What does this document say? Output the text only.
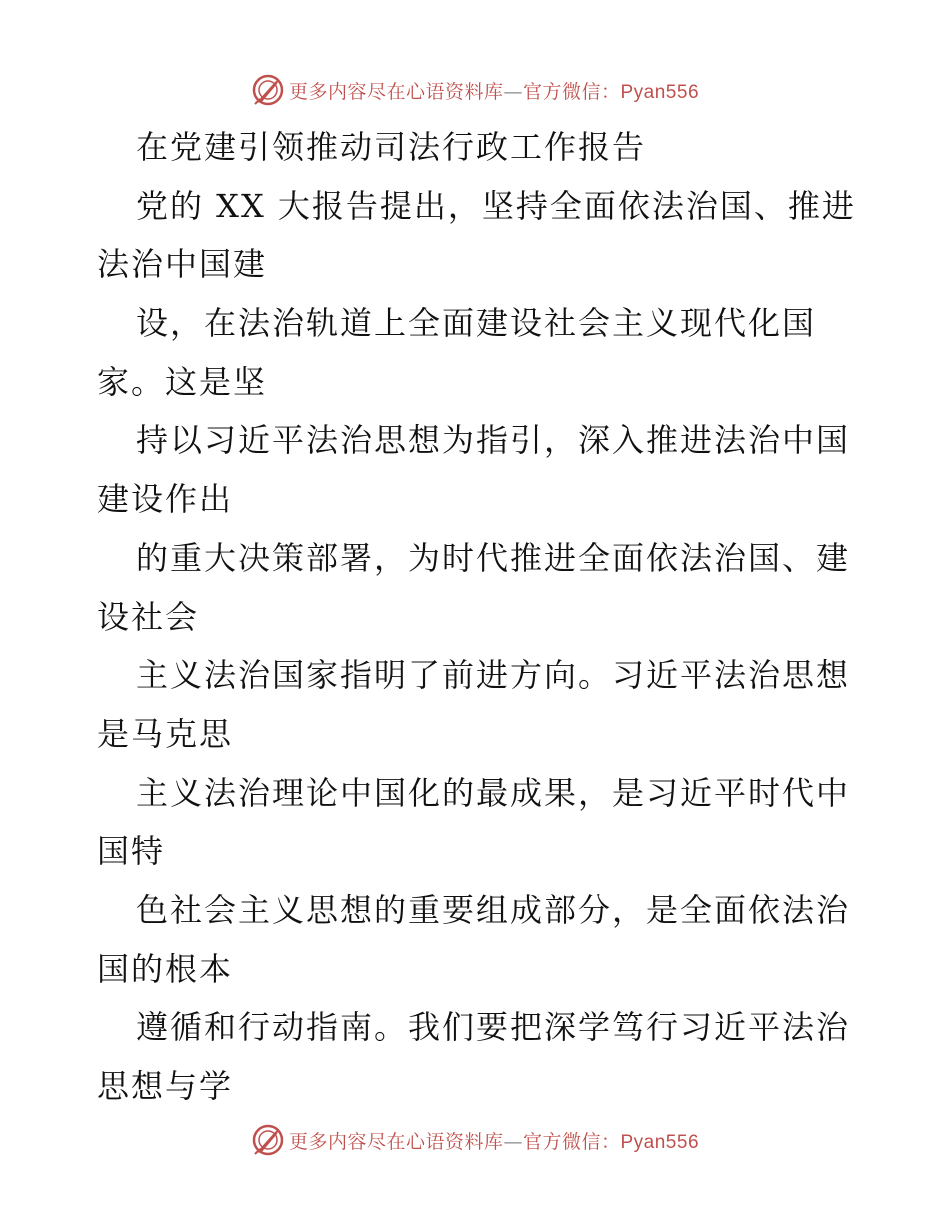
更多内容尽在心语资料库—官方微信：Pyan556
在党建引领推动司法行政工作报告
党的 XX 大报告提出，坚持全面依法治国、推进
法治中国建
设，在法治轨道上全面建设社会主义现代化国
家。这是坚
持以习近平法治思想为指引，深入推进法治中国
建设作出
的重大决策部署，为时代推进全面依法治国、建
设社会
主义法治国家指明了前进方向。习近平法治思想
是马克思
主义法治理论中国化的最成果，是习近平时代中
国特
色社会主义思想的重要组成部分，是全面依法治
国的根本
遵循和行动指南。我们要把深学笃行习近平法治
思想与学
更多内容尽在心语资料库—官方微信：Pyan556
